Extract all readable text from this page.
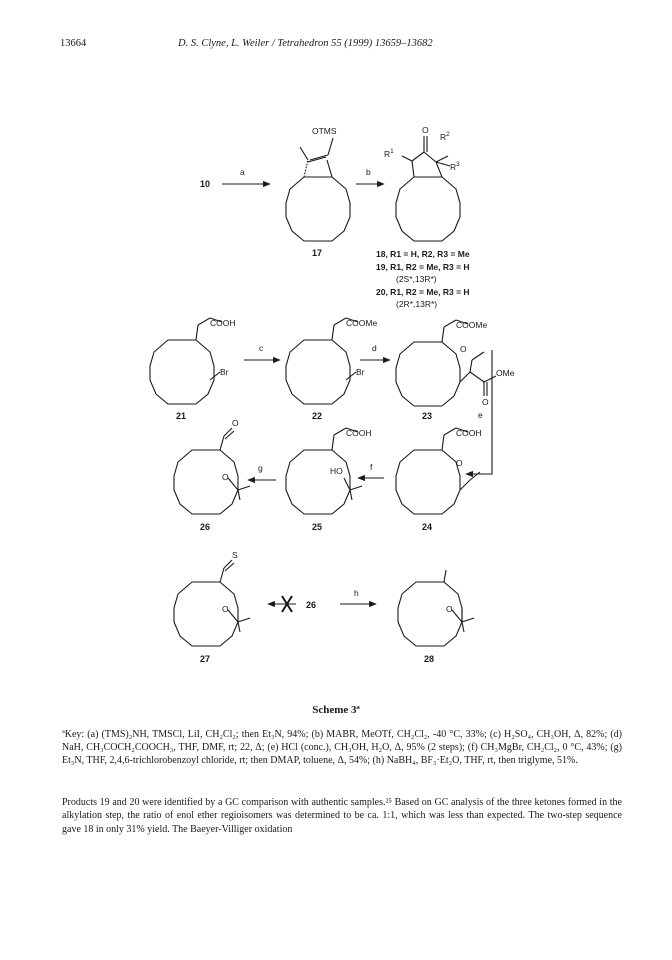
13664	D. S. Clyne, L. Weiler / Tetrahedron 55 (1999) 13659–13682
10
a	b
OTMS
17
O
$R^1$
$R^2$
$R^3$
18, R1 = H, R2, R3 = Me
19, R1, R2 = Me, R3 = H
(2S*,13R*)
20, R1, R2 = Me, R3 = H
(2R*,13R*)
COOH
Br
21
c
COOMe
Br
22
d
COOMe
O
OMe
O
23	e
O
O
26
g
COOH
HO
25
f
COOH
O
24
S
O
27
26
h
O
28
Scheme 3ª

ªKey: (a) (TMS)₂NH, TMSCl, LiI, CH₂Cl₂; then Et₃N, 94%; (b) MABR, MeOTf, CH₂Cl₂, -40 °C, 33%; (c) H₂SO₄, CH₃OH, Δ, 82%; (d) NaH, CH₃COCH₂COOCH₃, THF, DMF, rt; 22, Δ; (e) HCl (conc.), CH₃OH, H₂O, Δ, 95% (2 steps); (f) CH₃MgBr, CH₂Cl₂, 0 °C, 43%; (g) Et₃N, THF, 2,4,6-trichlorobenzoyl chloride, rt; then DMAP, toluene, Δ, 54%; (h) NaBH₄, BF₃·Et₂O, THF, rt, then triglyme, 51%.

Products 19 and 20 were identified by a GC comparison with authentic samples.²⁵ Based on GC analysis of the three ketones formed in the alkylation step, the ratio of enol ether regioisomers was determined to be ca. 1:1, which was less than expected. The two-step sequence gave 18 in only 31% yield. The Baeyer-Villiger oxidation
